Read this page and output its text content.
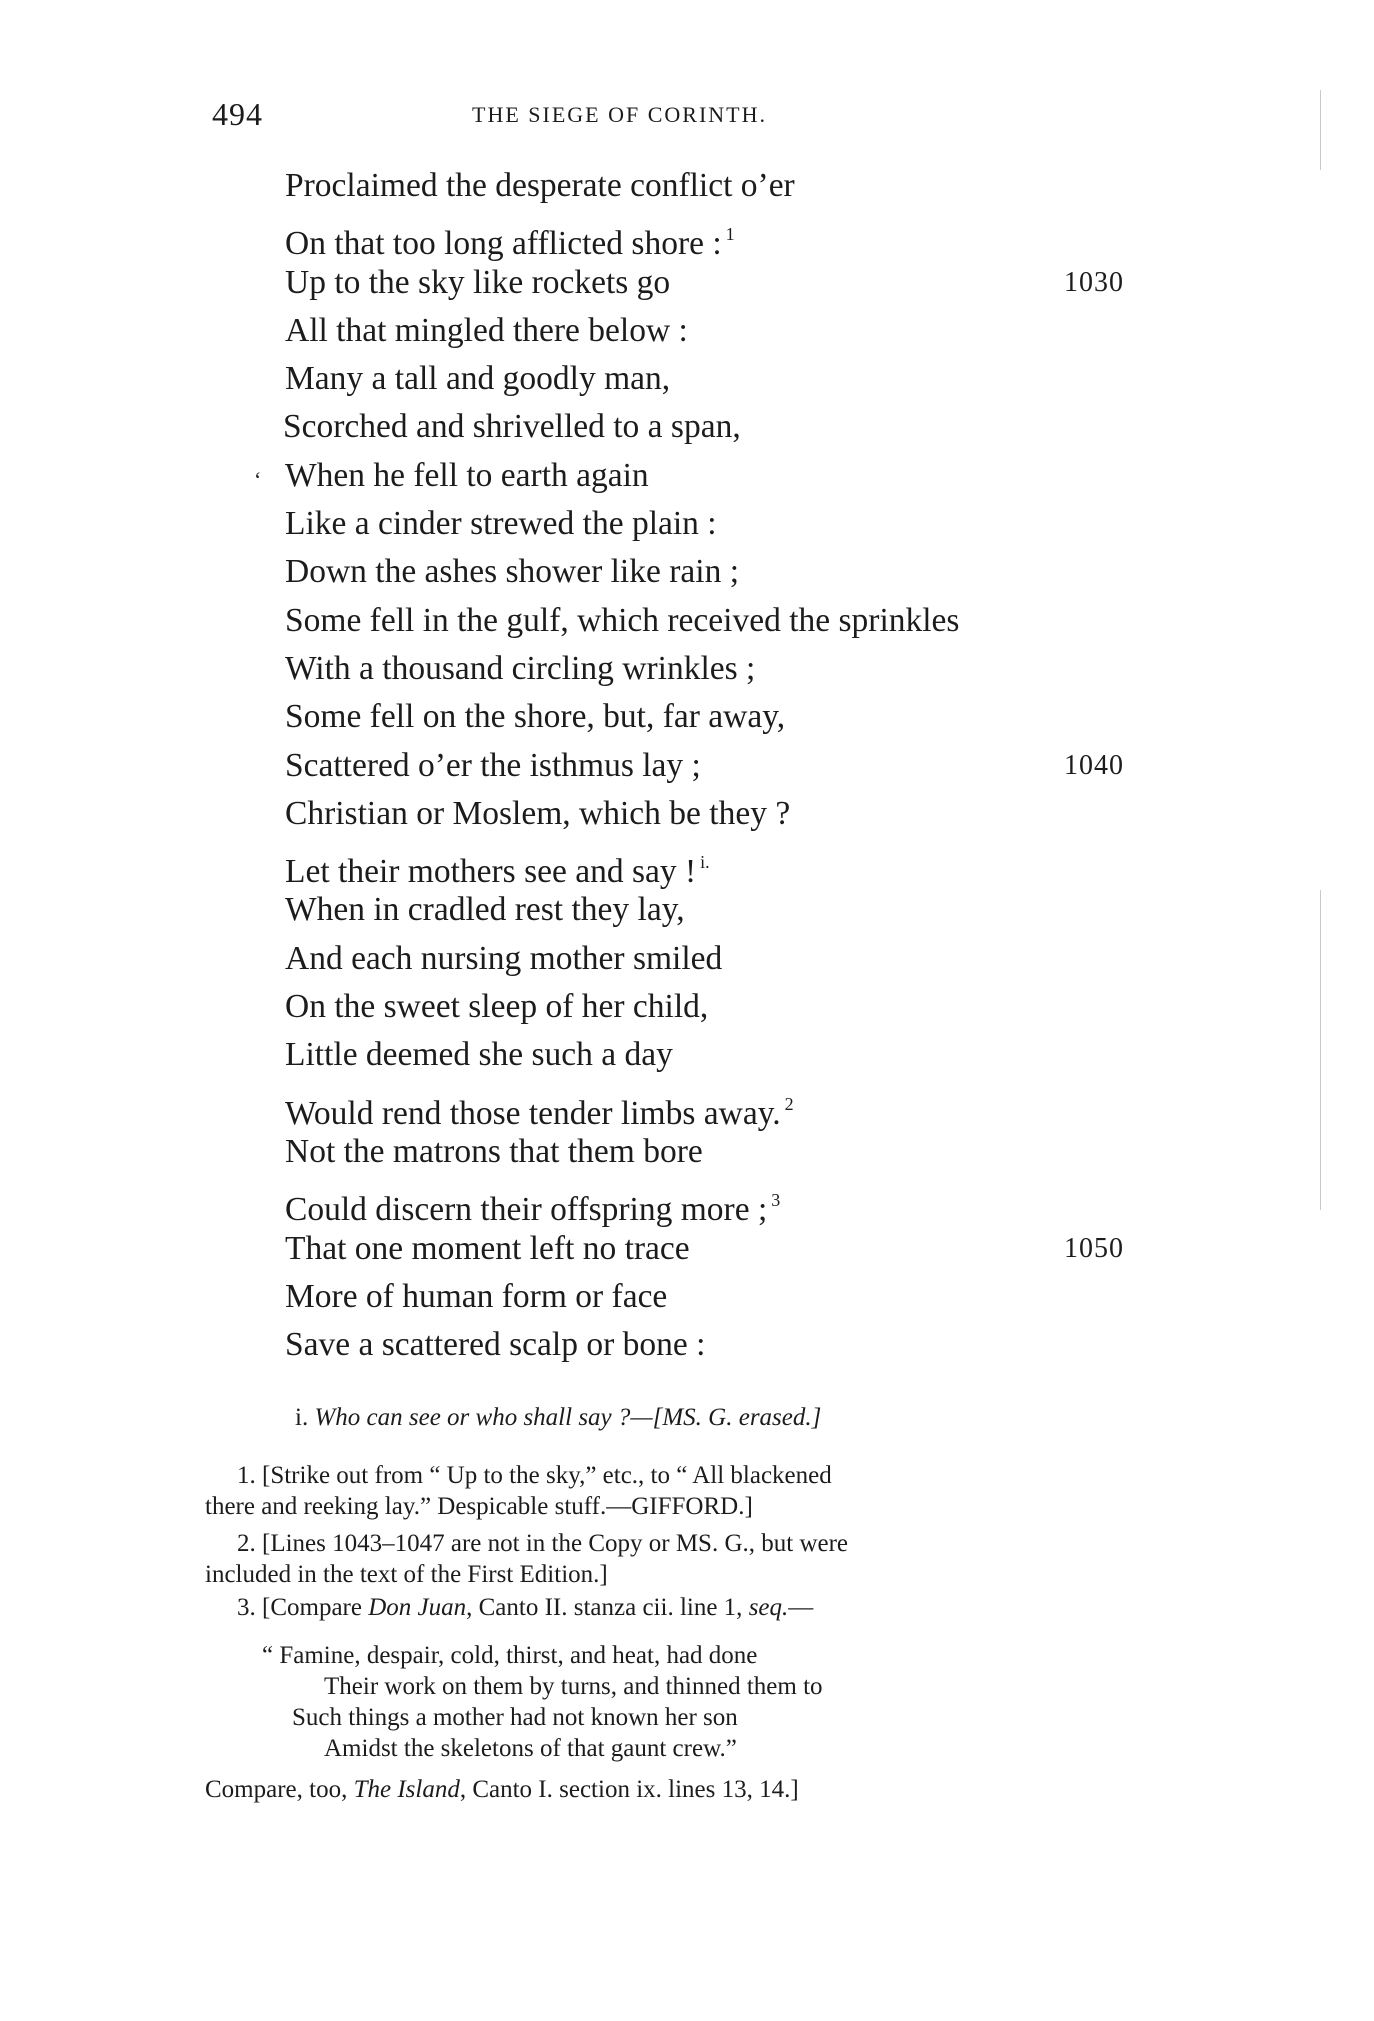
494	THE SIEGE OF CORINTH.
Proclaimed the desperate conflict o’er
On that too long afflicted shore : $^1$
Up to the sky like rockets go	1030
All that mingled there below :
Many a tall and goodly man,
Scorched and shrivelled to a span,
‘ When he fell to earth again
Like a cinder strewed the plain :
Down the ashes shower like rain ;
Some fell in the gulf, which received the sprinkles
With a thousand circling wrinkles ;
Some fell on the shore, but, far away,
Scattered o’er the isthmus lay ;	1040
Christian or Moslem, which be they ?
Let their mothers see and say ! $^{i.}$
When in cradled rest they lay,
And each nursing mother smiled
On the sweet sleep of her child,
Little deemed she such a day
Would rend those tender limbs away. $^2$
Not the matrons that them bore
Could discern their offspring more ; $^3$
That one moment left no trace	1050
More of human form or face
Save a scattered scalp or bone :
i. Who can see or who shall say ?—[MS. G. erased.]
1. [Strike out from “ Up to the sky,” etc., to “ All blackened
there and reeking lay.” Despicable stuff.—GIFFORD.]
2. [Lines 1043–1047 are not in the Copy or MS. G., but were
included in the text of the First Edition.]
3. [Compare Don Juan, Canto II. stanza cii. line 1, seq.—
“ Famine, despair, cold, thirst, and heat, had done
Their work on them by turns, and thinned them to
Such things a mother had not known her son
Amidst the skeletons of that gaunt crew.”
Compare, too, The Island, Canto I. section ix. lines 13, 14.]
